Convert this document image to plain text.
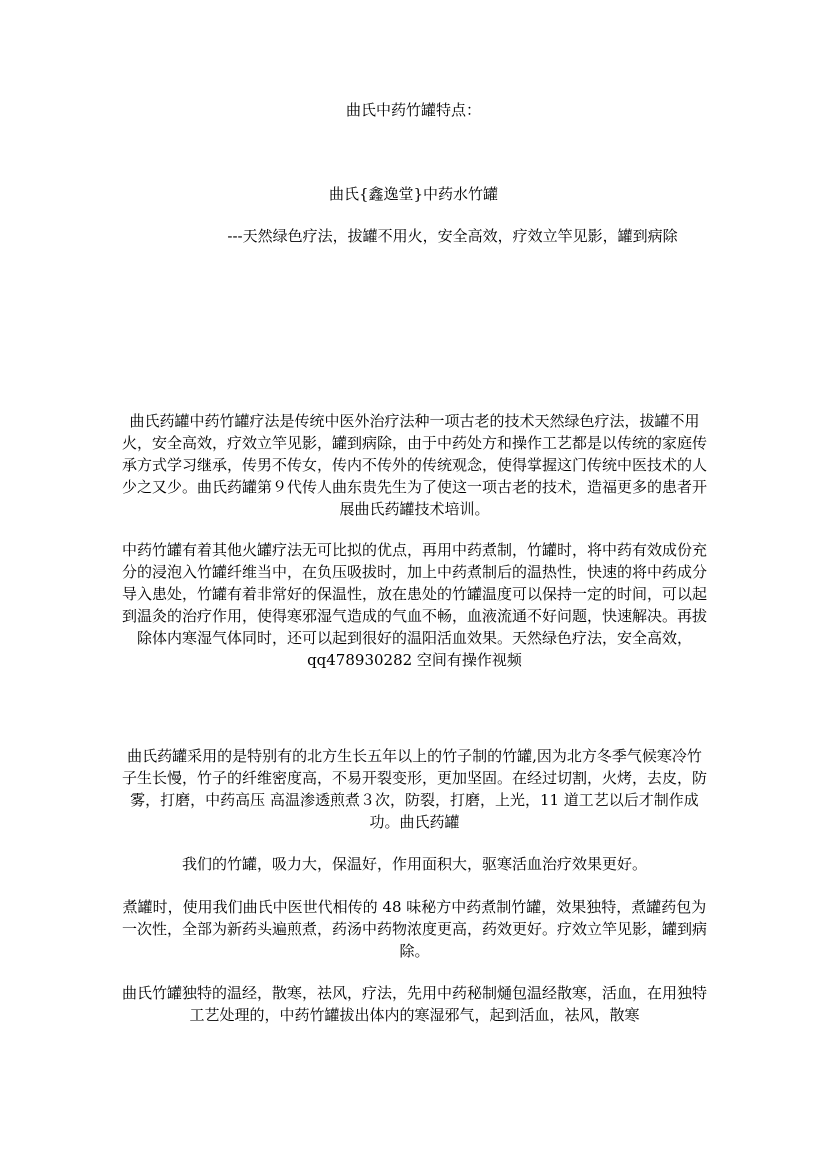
曲氏中药竹罐特点：
曲氏{鑫逸堂}中药水竹罐
---天然绿色疗法，拔罐不用火，安全高效，疗效立竿见影，罐到病除

曲氏药罐中药竹罐疗法是传统中医外治疗法种一项古老的技术天然绿色疗法，拔罐不用火，安全高效，疗效立竿见影，罐到病除，由于中药处方和操作工艺都是以传统的家庭传承方式学习继承，传男不传女，传内不传外的传统观念，使得掌握这门传统中医技术的人少之又少。曲氏药罐第９代传人曲东贵先生为了使这一项古老的技术，造福更多的患者开展曲氏药罐技术培训。

中药竹罐有着其他火罐疗法无可比拟的优点，再用中药煮制，竹罐时，将中药有效成份充分的浸泡入竹罐纤维当中，在负压吸拔时，加上中药煮制后的温热性，快速的将中药成分导入患处，竹罐有着非常好的保温性，放在患处的竹罐温度可以保持一定的时间，可以起到温灸的治疗作用，使得寒邪湿气造成的气血不畅，血液流通不好问题，快速解决。再拔除体内寒湿气体同时，还可以起到很好的温阳活血效果。天然绿色疗法，安全高效，qq478930282 空间有操作视频

曲氏药罐采用的是特别有的北方生长五年以上的竹子制的竹罐,因为北方冬季气候寒冷竹子生长慢，竹子的纤维密度高，不易开裂变形，更加坚固。在经过切割，火烤，去皮，防雾，打磨，中药高压 高温渗透煎煮３次，防裂，打磨，上光，11 道工艺以后才制作成功。曲氏药罐

我们的竹罐，吸力大，保温好，作用面积大，驱寒活血治疗效果更好。

煮罐时，使用我们曲氏中医世代相传的 48 味秘方中药煮制竹罐，效果独特，煮罐药包为一次性，全部为新药头遍煎煮，药汤中药物浓度更高，药效更好。疗效立竿见影，罐到病除。

曲氏竹罐独特的温经，散寒，祛风，疗法，先用中药秘制熥包温经散寒，活血，在用独特工艺处理的，中药竹罐拔出体内的寒湿邪气，起到活血，祛风，散寒
